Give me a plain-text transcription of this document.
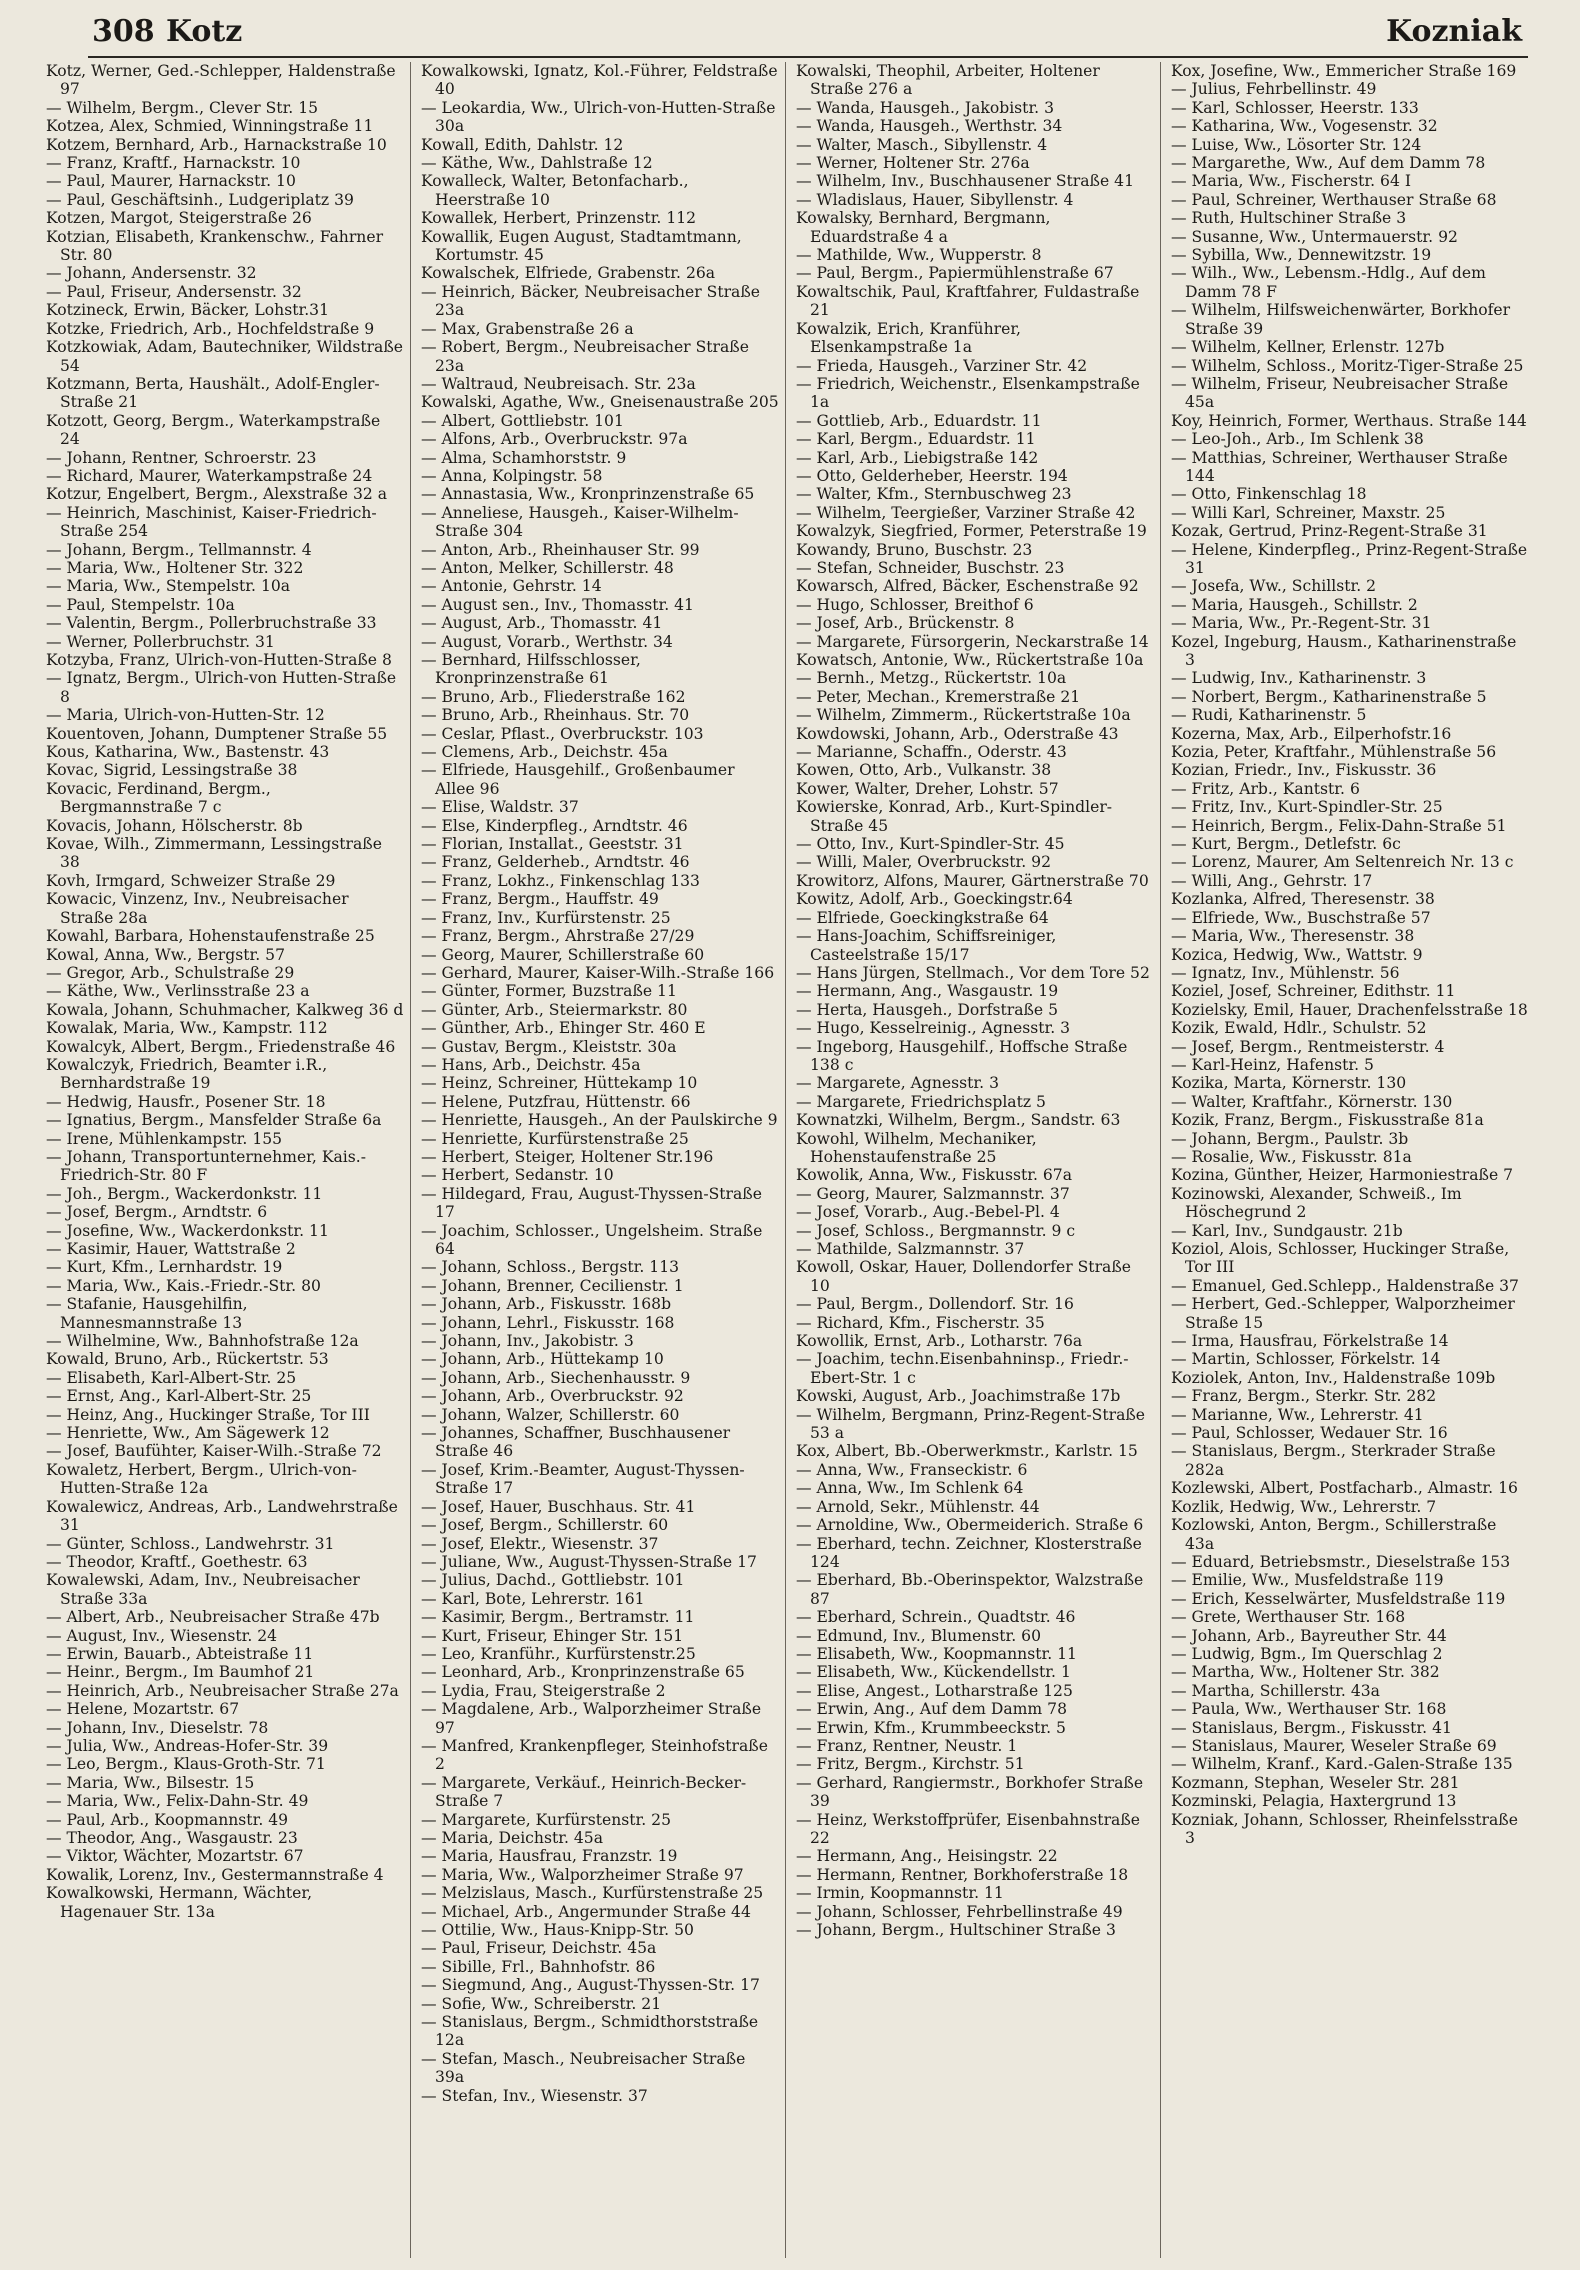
308 Kotz	Kozniak
Kotz, Werner, Ged.-Schlepper, Haldenstraße 97
— Wilhelm, Bergm., Clever Str. 15
Kotzea, Alex, Schmied, Winningstraße 11
Kotzem, Bernhard, Arb., Harnackstraße 10
— Franz, Kraftf., Harnackstr. 10
— Paul, Maurer, Harnackstr. 10
— Paul, Geschäftsinh., Ludgeriplatz 39
Kotzen, Margot, Steigerstraße 26
Kotzian, Elisabeth, Krankenschw., Fahrner Str. 80
— Johann, Andersenstr. 32
— Paul, Friseur, Andersenstr. 32
Kotzineck, Erwin, Bäcker, Lohstr.31
Kotzke, Friedrich, Arb., Hochfeldstraße 9
Kotzkowiak, Adam, Bautechniker, Wildstraße 54
Kotzmann, Berta, Haushält., Adolf-Engler-Straße 21
Kotzott, Georg, Bergm., Waterkampstraße 24
— Johann, Rentner, Schroerstr. 23
— Richard, Maurer, Waterkampstraße 24
Kotzur, Engelbert, Bergm., Alexstraße 32 a
— Heinrich, Maschinist, Kaiser-Friedrich-Straße 254
— Johann, Bergm., Tellmannstr. 4
— Maria, Ww., Holtener Str. 322
— Maria, Ww., Stempelstr. 10a
— Paul, Stempelstr. 10a
— Valentin, Bergm., Pollerbruchstraße 33
— Werner, Pollerbruchstr. 31
Kotzyba, Franz, Ulrich-von-Hutten-Straße 8
— Ignatz, Bergm., Ulrich-von Hutten-Straße 8
— Maria, Ulrich-von-Hutten-Str. 12
Kouentoven, Johann, Dumptener Straße 55
Kous, Katharina, Ww., Bastenstr. 43
Kovac, Sigrid, Lessingstraße 38
Kovacic, Ferdinand, Bergm., Bergmannstraße 7 c
Kovacis, Johann, Hölscherstr. 8b
Kovae, Wilh., Zimmermann, Lessingstraße 38
Kovh, Irmgard, Schweizer Straße 29
Kowacic, Vinzenz, Inv., Neubreisacher Straße 28a
Kowahl, Barbara, Hohenstaufenstraße 25
Kowal, Anna, Ww., Bergstr. 57
— Gregor, Arb., Schulstraße 29
— Käthe, Ww., Verlinsstraße 23 a
Kowala, Johann, Schuhmacher, Kalkweg 36 d
Kowalak, Maria, Ww., Kampstr. 112
Kowalcyk, Albert, Bergm., Friedenstraße 46
Kowalczyk, Friedrich, Beamter i.R., Bernhardstraße 19
— Hedwig, Hausfr., Posener Str. 18
— Ignatius, Bergm., Mansfelder Straße 6a
— Irene, Mühlenkampstr. 155
— Johann, Transportunternehmer, Kais.-Friedrich-Str. 80 F
— Joh., Bergm., Wackerdonkstr. 11
— Josef, Bergm., Arndtstr. 6
— Josefine, Ww., Wackerdonkstr. 11
— Kasimir, Hauer, Wattstraße 2
— Kurt, Kfm., Lernhardstr. 19
— Maria, Ww., Kais.-Friedr.-Str. 80
— Stafanie, Hausgehilfin, Mannesmannstraße 13
— Wilhelmine, Ww., Bahnhofstraße 12a
Kowald, Bruno, Arb., Rückertstr. 53
— Elisabeth, Karl-Albert-Str. 25
— Ernst, Ang., Karl-Albert-Str. 25
— Heinz, Ang., Huckinger Straße, Tor III
— Henriette, Ww., Am Sägewerk 12
— Josef, Baufühter, Kaiser-Wilh.-Straße 72
Kowaletz, Herbert, Bergm., Ulrich-von-Hutten-Straße 12a
Kowalewicz, Andreas, Arb., Landwehrstraße 31
— Günter, Schloss., Landwehrstr. 31
— Theodor, Kraftf., Goethestr. 63
Kowalewski, Adam, Inv., Neubreisacher Straße 33a
— Albert, Arb., Neubreisacher Straße 47b
— August, Inv., Wiesenstr. 24
— Erwin, Bauarb., Abteistraße 11
— Heinr., Bergm., Im Baumhof 21
— Heinrich, Arb., Neubreisacher Straße 27a
— Helene, Mozartstr. 67
— Johann, Inv., Dieselstr. 78
— Julia, Ww., Andreas-Hofer-Str. 39
— Leo, Bergm., Klaus-Groth-Str. 71
— Maria, Ww., Bilsestr. 15
— Maria, Ww., Felix-Dahn-Str. 49
— Paul, Arb., Koopmannstr. 49
— Theodor, Ang., Wasgaustr. 23
— Viktor, Wächter, Mozartstr. 67
Kowalik, Lorenz, Inv., Gestermannstraße 4
Kowalkowski, Hermann, Wächter, Hagenauer Str. 13a
Kowalkowski, Ignatz, Kol.-Führer, Feldstraße 40
— Leokardia, Ww., Ulrich-von-Hutten-Straße 30a
Kowall, Edith, Dahlstr. 12
— Käthe, Ww., Dahlstraße 12
Kowalleck, Walter, Betonfacharb., Heerstraße 10
Kowallek, Herbert, Prinzenstr. 112
Kowallik, Eugen August, Stadtamtmann, Kortumstr. 45
Kowalschek, Elfriede, Grabenstr. 26a
— Heinrich, Bäcker, Neubreisacher Straße 23a
— Max, Grabenstraße 26 a
— Robert, Bergm., Neubreisacher Straße 23a
— Waltraud, Neubreisach. Str. 23a
Kowalski, Agathe, Ww., Gneisenaustraße 205
— Albert, Gottliebstr. 101
— Alfons, Arb., Overbruckstr. 97a
— Alma, Schamhorststr. 9
— Anna, Kolpingstr. 58
— Annastasia, Ww., Kronprinzenstraße 65
— Anneliese, Hausgeh., Kaiser-Wilhelm-Straße 304
— Anton, Arb., Rheinhauser Str. 99
— Anton, Melker, Schillerstr. 48
— Antonie, Gehrstr. 14
— August sen., Inv., Thomasstr. 41
— August, Arb., Thomasstr. 41
— August, Vorarb., Werthstr. 34
— Bernhard, Hilfsschlosser, Kronprinzenstraße 61
— Bruno, Arb., Fliederstraße 162
— Bruno, Arb., Rheinhaus. Str. 70
— Ceslar, Pflast., Overbruckstr. 103
— Clemens, Arb., Deichstr. 45a
— Elfriede, Hausgehilf., Großenbaumer Allee 96
— Elise, Waldstr. 37
— Else, Kinderpfleg., Arndtstr. 46
— Florian, Installat., Geeststr. 31
— Franz, Gelderheb., Arndtstr. 46
— Franz, Lokhz., Finkenschlag 133
— Franz, Bergm., Hauffstr. 49
— Franz, Inv., Kurfürstenstr. 25
— Franz, Bergm., Ahrstraße 27/29
— Georg, Maurer, Schillerstraße 60
— Gerhard, Maurer, Kaiser-Wilh.-Straße 166
— Günter, Former, Buzstraße 11
— Günter, Arb., Steiermarkstr. 80
— Günther, Arb., Ehinger Str. 460 E
— Gustav, Bergm., Kleiststr. 30a
— Hans, Arb., Deichstr. 45a
— Heinz, Schreiner, Hüttekamp 10
— Helene, Putzfrau, Hüttenstr. 66
— Henriette, Hausgeh., An der Paulskirche 9
— Henriette, Kurfürstenstraße 25
— Herbert, Steiger, Holtener Str.196
— Herbert, Sedanstr. 10
— Hildegard, Frau, August-Thyssen-Straße 17
— Joachim, Schlosser., Ungelsheim. Straße 64
— Johann, Schloss., Bergstr. 113
— Johann, Brenner, Cecilienstr. 1
— Johann, Arb., Fiskusstr. 168b
— Johann, Lehrl., Fiskusstr. 168
— Johann, Inv., Jakobistr. 3
— Johann, Arb., Hüttekamp 10
— Johann, Arb., Siechenhausstr. 9
— Johann, Arb., Overbruckstr. 92
— Johann, Walzer, Schillerstr. 60
— Johannes, Schaffner, Buschhausener Straße 46
— Josef, Krim.-Beamter, August-Thyssen-Straße 17
— Josef, Hauer, Buschhaus. Str. 41
— Josef, Bergm., Schillerstr. 60
— Josef, Elektr., Wiesenstr. 37
— Juliane, Ww., August-Thyssen-Straße 17
— Julius, Dachd., Gottliebstr. 101
— Karl, Bote, Lehrerstr. 161
— Kasimir, Bergm., Bertramstr. 11
— Kurt, Friseur, Ehinger Str. 151
— Leo, Kranführ., Kurfürstenstr.25
— Leonhard, Arb., Kronprinzenstraße 65
— Lydia, Frau, Steigerstraße 2
— Magdalene, Arb., Walporzheimer Straße 97
— Manfred, Krankenpfleger, Steinhofstraße 2
— Margarete, Verkäuf., Heinrich-Becker-Straße 7
— Margarete, Kurfürstenstr. 25
— Maria, Deichstr. 45a
— Maria, Hausfrau, Franzstr. 19
— Maria, Ww., Walporzheimer Straße 97
— Melzislaus, Masch., Kurfürstenstraße 25
— Michael, Arb., Angermunder Straße 44
— Ottilie, Ww., Haus-Knipp-Str. 50
— Paul, Friseur, Deichstr. 45a
— Sibille, Frl., Bahnhofstr. 86
— Siegmund, Ang., August-Thyssen-Str. 17
— Sofie, Ww., Schreiberstr. 21
— Stanislaus, Bergm., Schmidthorststraße 12a
— Stefan, Masch., Neubreisacher Straße 39a
— Stefan, Inv., Wiesenstr. 37
Kowalski, Theophil, Arbeiter, Holtener Straße 276 a
— Wanda, Hausgeh., Jakobistr. 3
— Wanda, Hausgeh., Werthstr. 34
— Walter, Masch., Sibyllenstr. 4
— Werner, Holtener Str. 276a
— Wilhelm, Inv., Buschhausener Straße 41
— Wladislaus, Hauer, Sibyllenstr. 4
Kowalsky, Bernhard, Bergmann, Eduardstraße 4 a
— Mathilde, Ww., Wupperstr. 8
— Paul, Bergm., Papiermühlenstraße 67
Kowaltschik, Paul, Kraftfahrer, Fuldastraße 21
Kowalzik, Erich, Kranführer, Elsenkampstraße 1a
— Frieda, Hausgeh., Varziner Str. 42
— Friedrich, Weichenstr., Elsenkampstraße 1a
— Gottlieb, Arb., Eduardstr. 11
— Karl, Bergm., Eduardstr. 11
— Karl, Arb., Liebigstraße 142
— Otto, Gelderheber, Heerstr. 194
— Walter, Kfm., Sternbuschweg 23
— Wilhelm, Teergießer, Varziner Straße 42
Kowalzyk, Siegfried, Former, Peterstraße 19
Kowandy, Bruno, Buschstr. 23
— Stefan, Schneider, Buschstr. 23
Kowarsch, Alfred, Bäcker, Eschenstraße 92
— Hugo, Schlosser, Breithof 6
— Josef, Arb., Brückenstr. 8
— Margarete, Fürsorgerin, Neckarstraße 14
Kowatsch, Antonie, Ww., Rückertstraße 10a
— Bernh., Metzg., Rückertstr. 10a
— Peter, Mechan., Kremerstraße 21
— Wilhelm, Zimmerm., Rückertstraße 10a
Kowdowski, Johann, Arb., Oderstraße 43
— Marianne, Schaffn., Oderstr. 43
Kowen, Otto, Arb., Vulkanstr. 38
Kower, Walter, Dreher, Lohstr. 57
Kowierske, Konrad, Arb., Kurt-Spindler-Straße 45
— Otto, Inv., Kurt-Spindler-Str. 45
— Willi, Maler, Overbruckstr. 92
Krowitorz, Alfons, Maurer, Gärtnerstraße 70
Kowitz, Adolf, Arb., Goeckingstr.64
— Elfriede, Goeckingkstraße 64
— Hans-Joachim, Schiffsreiniger, Casteelstraße 15/17
— Hans Jürgen, Stellmach., Vor dem Tore 52
— Hermann, Ang., Wasgaustr. 19
— Herta, Hausgeh., Dorfstraße 5
— Hugo, Kesselreinig., Agnesstr. 3
— Ingeborg, Hausgehilf., Hoffsche Straße 138 c
— Margarete, Agnesstr. 3
— Margarete, Friedrichsplatz 5
Kownatzki, Wilhelm, Bergm., Sandstr. 63
Kowohl, Wilhelm, Mechaniker, Hohenstaufenstraße 25
Kowolik, Anna, Ww., Fiskusstr. 67a
— Georg, Maurer, Salzmannstr. 37
— Josef, Vorarb., Aug.-Bebel-Pl. 4
— Josef, Schloss., Bergmannstr. 9 c
— Mathilde, Salzmannstr. 37
Kowoll, Oskar, Hauer, Dollendorfer Straße 10
— Paul, Bergm., Dollendorf. Str. 16
— Richard, Kfm., Fischerstr. 35
Kowollik, Ernst, Arb., Lotharstr. 76a
— Joachim, techn.Eisenbahninsp., Friedr.-Ebert-Str. 1 c
Kowski, August, Arb., Joachimstraße 17b
— Wilhelm, Bergmann, Prinz-Regent-Straße 53 a
Kox, Albert, Bb.-Oberwerkmstr., Karlstr. 15
— Anna, Ww., Franseckistr. 6
— Anna, Ww., Im Schlenk 64
— Arnold, Sekr., Mühlenstr. 44
— Arnoldine, Ww., Obermeiderich. Straße 6
— Eberhard, techn. Zeichner, Klosterstraße 124
— Eberhard, Bb.-Oberinspektor, Walzstraße 87
— Eberhard, Schrein., Quadtstr. 46
— Edmund, Inv., Blumenstr. 60
— Elisabeth, Ww., Koopmannstr. 11
— Elisabeth, Ww., Kückendellstr. 1
— Elise, Angest., Lotharstraße 125
— Erwin, Ang., Auf dem Damm 78
— Erwin, Kfm., Krummbeeckstr. 5
— Franz, Rentner, Neustr. 1
— Fritz, Bergm., Kirchstr. 51
— Gerhard, Rangiermstr., Borkhofer Straße 39
— Heinz, Werkstoffprüfer, Eisenbahnstraße 22
— Hermann, Ang., Heisingstr. 22
— Hermann, Rentner, Borkhoferstraße 18
— Irmin, Koopmannstr. 11
— Johann, Schlosser, Fehrbellinstraße 49
— Johann, Bergm., Hultschiner Straße 3
Kox, Josefine, Ww., Emmericher Straße 169
— Julius, Fehrbellinstr. 49
— Karl, Schlosser, Heerstr. 133
— Katharina, Ww., Vogesenstr. 32
— Luise, Ww., Lösorter Str. 124
— Margarethe, Ww., Auf dem Damm 78
— Maria, Ww., Fischerstr. 64 I
— Paul, Schreiner, Werthauser Straße 68
— Ruth, Hultschiner Straße 3
— Susanne, Ww., Untermauerstr. 92
— Sybilla, Ww., Dennewitzstr. 19
— Wilh., Ww., Lebensm.-Hdlg., Auf dem Damm 78 F
— Wilhelm, Hilfsweichenwärter, Borkhofer Straße 39
— Wilhelm, Kellner, Erlenstr. 127b
— Wilhelm, Schloss., Moritz-Tiger-Straße 25
— Wilhelm, Friseur, Neubreisacher Straße 45a
Koy, Heinrich, Former, Werthaus. Straße 144
— Leo-Joh., Arb., Im Schlenk 38
— Matthias, Schreiner, Werthauser Straße 144
— Otto, Finkenschlag 18
— Willi Karl, Schreiner, Maxstr. 25
Kozak, Gertrud, Prinz-Regent-Straße 31
— Helene, Kinderpfleg., Prinz-Regent-Straße 31
— Josefa, Ww., Schillstr. 2
— Maria, Hausgeh., Schillstr. 2
— Maria, Ww., Pr.-Regent-Str. 31
Kozel, Ingeburg, Hausm., Katharinenstraße 3
— Ludwig, Inv., Katharinenstr. 3
— Norbert, Bergm., Katharinenstraße 5
— Rudi, Katharinenstr. 5
Kozerna, Max, Arb., Eilperhofstr.16
Kozia, Peter, Kraftfahr., Mühlenstraße 56
Kozian, Friedr., Inv., Fiskusstr. 36
— Fritz, Arb., Kantstr. 6
— Fritz, Inv., Kurt-Spindler-Str. 25
— Heinrich, Bergm., Felix-Dahn-Straße 51
— Kurt, Bergm., Detlefstr. 6c
— Lorenz, Maurer, Am Seltenreich Nr. 13 c
— Willi, Ang., Gehrstr. 17
Kozlanka, Alfred, Theresenstr. 38
— Elfriede, Ww., Buschstraße 57
— Maria, Ww., Theresenstr. 38
Kozica, Hedwig, Ww., Wattstr. 9
— Ignatz, Inv., Mühlenstr. 56
Koziel, Josef, Schreiner, Edithstr. 11
Kozielsky, Emil, Hauer, Drachenfelsstraße 18
Kozik, Ewald, Hdlr., Schulstr. 52
— Josef, Bergm., Rentmeisterstr. 4
— Karl-Heinz, Hafenstr. 5
Kozika, Marta, Körnerstr. 130
— Walter, Kraftfahr., Körnerstr. 130
Kozik, Franz, Bergm., Fiskusstraße 81a
— Johann, Bergm., Paulstr. 3b
— Rosalie, Ww., Fiskusstr. 81a
Kozina, Günther, Heizer, Harmoniestraße 7
Kozinowski, Alexander, Schweiß., Im Höschegrund 2
— Karl, Inv., Sundgaustr. 21b
Koziol, Alois, Schlosser, Huckinger Straße, Tor III
— Emanuel, Ged.Schlepp., Haldenstraße 37
— Herbert, Ged.-Schlepper, Walporzheimer Straße 15
— Irma, Hausfrau, Förkelstraße 14
— Martin, Schlosser, Förkelstr. 14
Koziolek, Anton, Inv., Haldenstraße 109b
— Franz, Bergm., Sterkr. Str. 282
— Marianne, Ww., Lehrerstr. 41
— Paul, Schlosser, Wedauer Str. 16
— Stanislaus, Bergm., Sterkrader Straße 282a
Kozlewski, Albert, Postfacharb., Almastr. 16
Kozlik, Hedwig, Ww., Lehrerstr. 7
Kozlowski, Anton, Bergm., Schillerstraße 43a
— Eduard, Betriebsmstr., Dieselstraße 153
— Emilie, Ww., Musfeldstraße 119
— Erich, Kesselwärter, Musfeldstraße 119
— Grete, Werthauser Str. 168
— Johann, Arb., Bayreuther Str. 44
— Ludwig, Bgm., Im Querschlag 2
— Martha, Ww., Holtener Str. 382
— Martha, Schillerstr. 43a
— Paula, Ww., Werthauser Str. 168
— Stanislaus, Bergm., Fiskusstr. 41
— Stanislaus, Maurer, Weseler Straße 69
— Wilhelm, Kranf., Kard.-Galen-Straße 135
Kozmann, Stephan, Weseler Str. 281
Kozminski, Pelagia, Haxtergrund 13
Kozniak, Johann, Schlosser, Rheinfelsstraße 3
